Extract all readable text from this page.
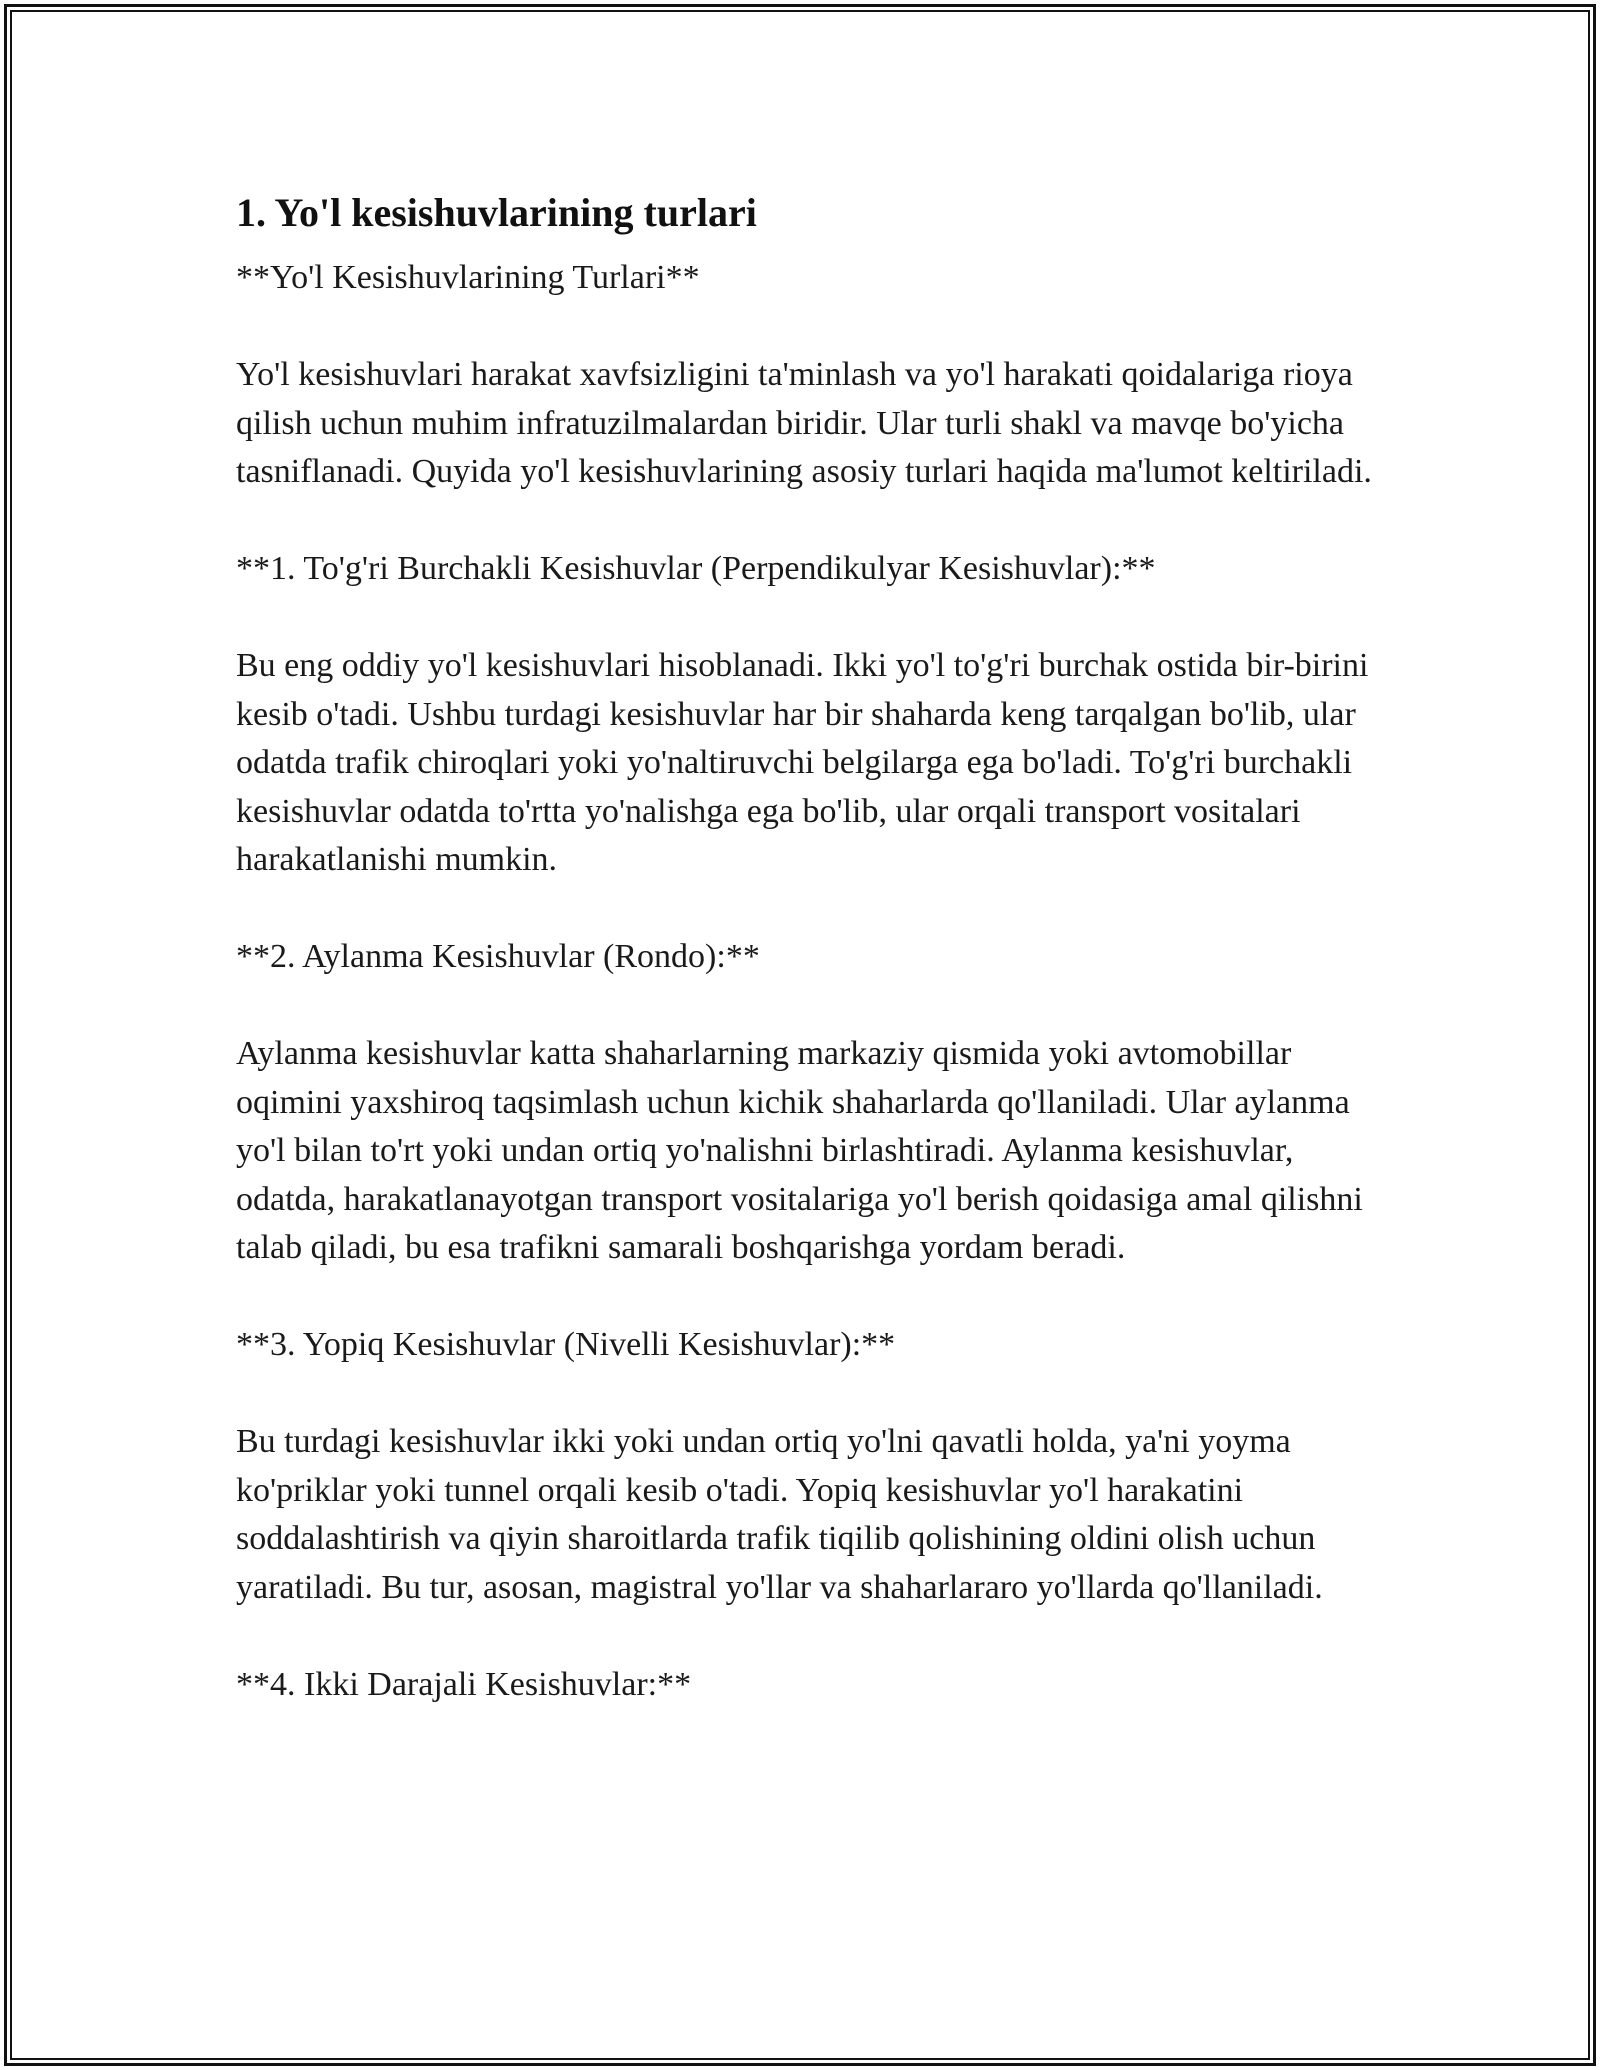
1. Yo'l kesishuvlarining turlari

**Yo'l Kesishuvlarining Turlari**

Yo'l kesishuvlari harakat xavfsizligini ta'minlash va yo'l harakati qoidalariga rioya qilish uchun muhim infratuzilmalardan biridir. Ular turli shakl va mavqe bo'yicha tasniflanadi. Quyida yo'l kesishuvlarining asosiy turlari haqida ma'lumot keltiriladi.

**1. To'g'ri Burchakli Kesishuvlar (Perpendikulyar Kesishuvlar):**

Bu eng oddiy yo'l kesishuvlari hisoblanadi. Ikki yo'l to'g'ri burchak ostida bir-birini kesib o'tadi. Ushbu turdagi kesishuvlar har bir shaharda keng tarqalgan bo'lib, ular odatda trafik chiroqlari yoki yo'naltiruvchi belgilarga ega bo'ladi. To'g'ri burchakli kesishuvlar odatda to'rtta yo'nalishga ega bo'lib, ular orqali transport vositalari harakatlanishi mumkin.

**2. Aylanma Kesishuvlar (Rondo):**

Aylanma kesishuvlar katta shaharlarning markaziy qismida yoki avtomobillar oqimini yaxshiroq taqsimlash uchun kichik shaharlarda qo'llaniladi. Ular aylanma yo'l bilan to'rt yoki undan ortiq yo'nalishni birlashtiradi. Aylanma kesishuvlar, odatda, harakatlanayotgan transport vositalariga yo'l berish qoidasiga amal qilishni talab qiladi, bu esa trafikni samarali boshqarishga yordam beradi.

**3. Yopiq Kesishuvlar (Nivelli Kesishuvlar):**

Bu turdagi kesishuvlar ikki yoki undan ortiq yo'lni qavatli holda, ya'ni yoyma ko'priklar yoki tunnel orqali kesib o'tadi. Yopiq kesishuvlar yo'l harakatini soddalashtirish va qiyin sharoitlarda trafik tiqilib qolishining oldini olish uchun yaratiladi. Bu tur, asosan, magistral yo'llar va shaharlararo yo'llarda qo'llaniladi.

**4. Ikki Darajali Kesishuvlar:**
